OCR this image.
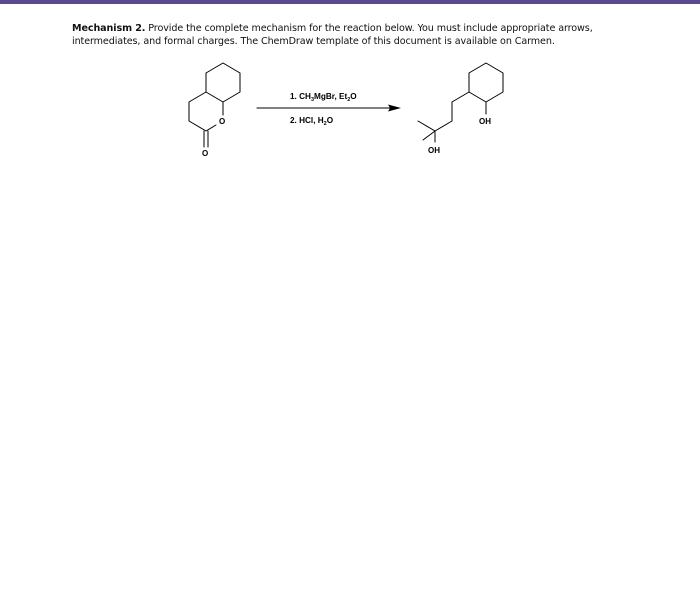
Mechanism 2. Provide the complete mechanism for the reaction below. You must include appropriate arrows, intermediates, and formal charges. The ChemDraw template of this document is available on Carmen.
O
O
1. $CH_3MgBr$, $Et_2O$
2. HCl, $H_2O$	OH
OH
